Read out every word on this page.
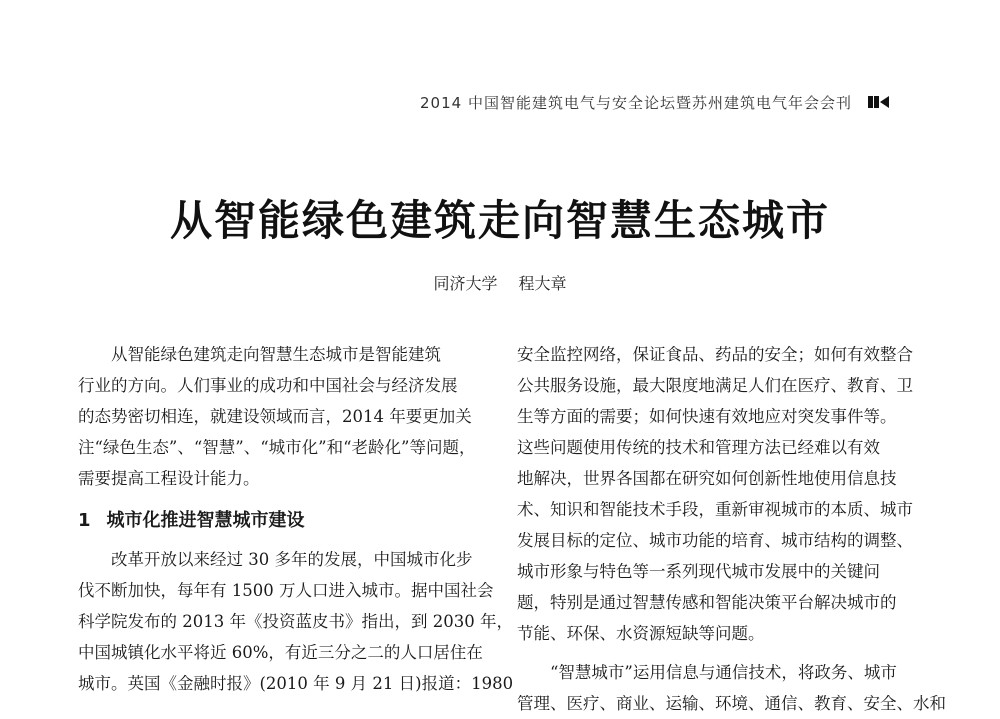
2014 中国智能建筑电气与安全论坛暨苏州建筑电气年会会刊
从智能绿色建筑走向智慧生态城市
同济大学 程大章

　　从智能绿色建筑走向智慧生态城市是智能建筑

行业的方向。人们事业的成功和中国社会与经济发展

的态势密切相连，就建设领域而言，2014 年要更加关

注“绿色生态”、“智慧”、“城市化”和“老龄化”等问题，

需要提高工程设计能力。

1 城市化推进智慧城市建设

　　改革开放以来经过 30 多年的发展，中国城市化步

伐不断加快，每年有 1500 万人口进入城市。据中国社会

科学院发布的 2013 年《投资蓝皮书》指出，到 2030 年，

中国城镇化水平将近 60%，有近三分之二的人口居住在

城市。英国《金融时报》(2010 年 9 月 21 日)报道：1980

安全监控网络，保证食品、药品的安全；如何有效整合

公共服务设施，最大限度地满足人们在医疗、教育、卫

生等方面的需要；如何快速有效地应对突发事件等。

这些问题使用传统的技术和管理方法已经难以有效

地解决，世界各国都在研究如何创新性地使用信息技

术、知识和智能技术手段，重新审视城市的本质、城市

发展目标的定位、城市功能的培育、城市结构的调整、

城市形象与特色等一系列现代城市发展中的关键问

题，特别是通过智慧传感和智能决策平台解决城市的

节能、环保、水资源短缺等问题。

　　“智慧城市”运用信息与通信技术，将政务、城市

管理、医疗、商业、运输、环境、通信、教育、安全、水和
